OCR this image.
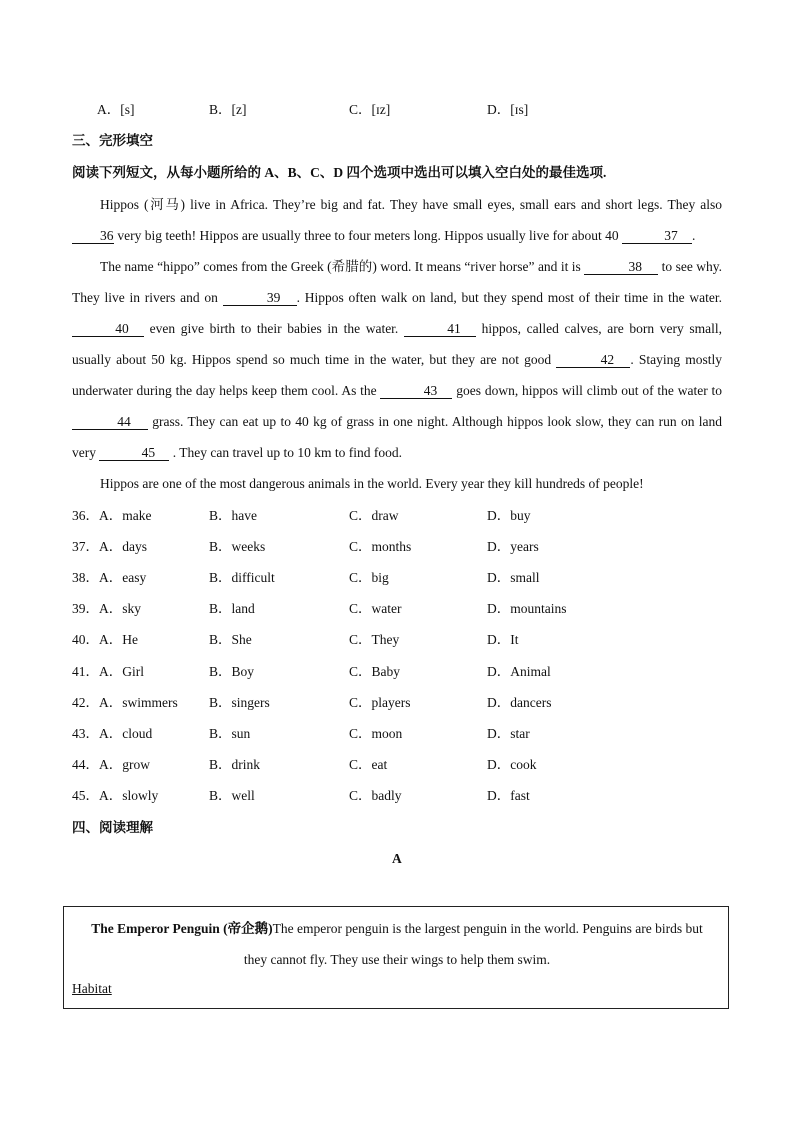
A．[s]	B．[z]	C．[ɪz]	D．[ɪs]
三、完形填空
阅读下列短文，从每小题所给的 A、B、C、D 四个选项中选出可以填入空白处的最佳选项.

Hippos (河马) live in Africa. They’re big and fat. They have small eyes, small ears and short legs. They also36 very big teeth! Hippos are usually three to four meters long. Hippos usually live for about 40	37 .

The name “hippo” comes from the Greek (希腊的) word. It means “river horse” and it is	38 to see why. They live in rivers and on	39 . Hippos often walk on land, but they spend most of their time in the water. 40 even give birth to their babies in the water.	41 hippos, called calves, are born very small, usually about 50 kg. Hippos spend so much time in the water, but they are not good	42 . Staying mostly underwater during the day helps keep them cool. As the	43 goes down, hippos will climb out of the water to 44 grass. They can eat up to 40 kg of grass in one night. Although hippos look slow, they can run on land very	45 . They can travel up to 10 km to find food.

Hippos are one of the most dangerous animals in the world. Every year they kill hundreds of people!

36．A．make	B．have	C．draw	D．buy
37．A．days	B．weeks	C．months	D．years
38．A．easy	B．difficult	C．big	D．small
39．A．sky	B．land	C．water	D．mountains
40．A．He	B．She	C．They	D．It
41．A．Girl	B．Boy	C．Baby	D．Animal
42．A．swimmers B．singers	C．players	D．dancers
43．A．cloud	B．sun	C．moon	D．star
44．A．grow	B．drink	C．eat	D．cook
45．A．slowly	B．well	C．badly	D．fast
四、阅读理解
A
The Emperor Penguin (帝企鹅)The emperor penguin is the largest penguin in the world. Penguins are birds but they cannot fly. They use their wings to help them swim.
Habitat
